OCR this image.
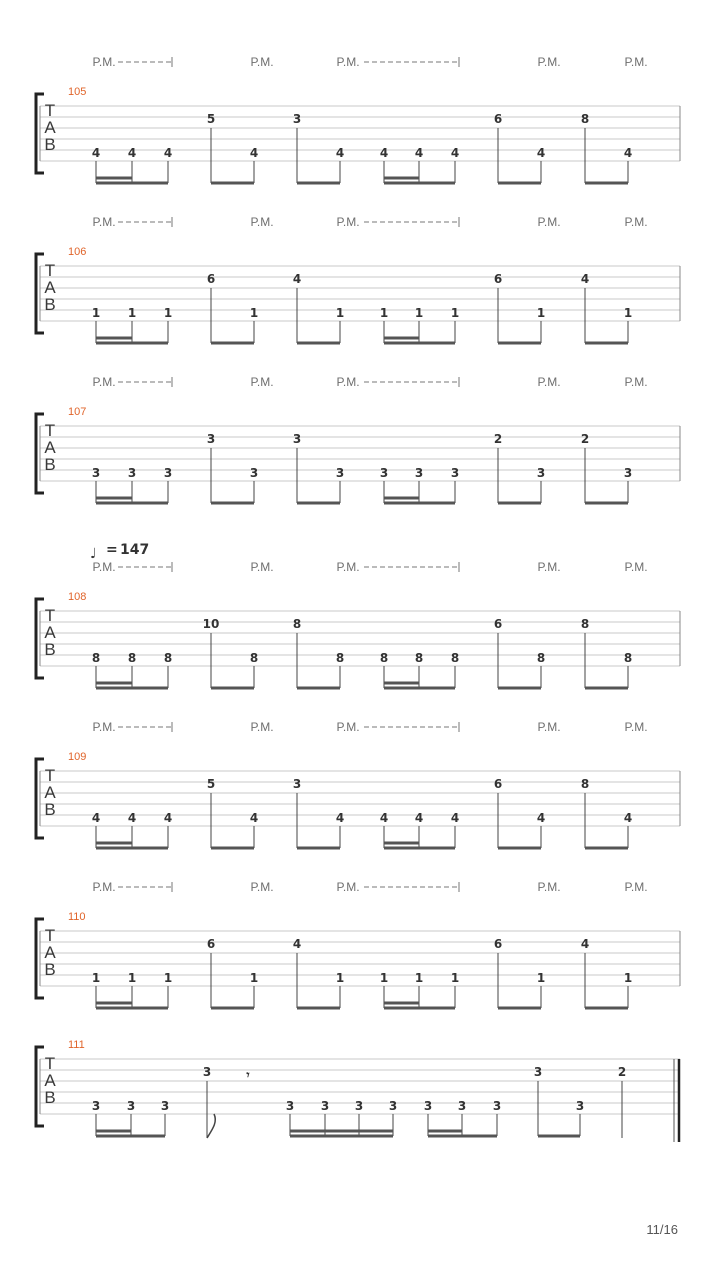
P.M.	P.M.	P.M.	P.M.	P.M.
105
T
A
B
5	3	6	8
4 4 4	4	4	4 4 4	4	4
P.M.	P.M.	P.M.	P.M.	P.M.
106
T
A
B
6	4	6	4
1 1 1	1	1	1 1 1	1	1
P.M.	P.M.	P.M.	P.M.	P.M.
107
T
A
B
3	3	2	2
3 3 3	3	3	3 3 3	3	3
P.M.	P.M.	P.M.	P.M.	P.M.
♩ = 147
108
T
A
B
10	8	6	8
8 8 8	8	8	8 8 8	8	8
P.M.	P.M.	P.M.	P.M.	P.M.
109
T
A
B
5	3	6	8
4 4 4	4	4	4 4 4	4	4
P.M.	P.M.	P.M.	P.M.	P.M.
110
T
A
B
6	4	6	4
1 1 1	1	1	1 1 1	1	1
111
T
A
B	3 3 3	3 3 3 3 3 3 3	3
3	𝄾	3	2
11/16
